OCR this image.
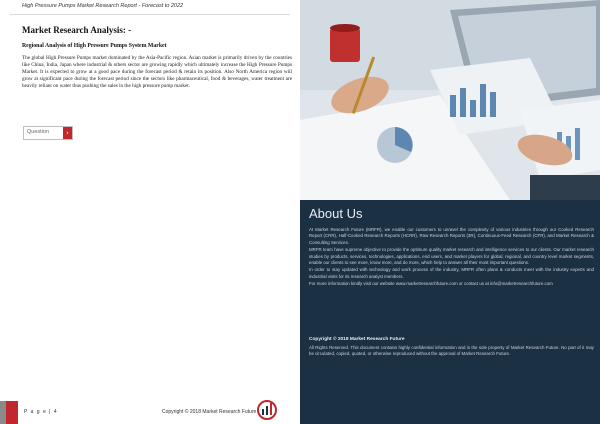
High Pressure Pumps Market Research Report - Forecast to 2022

Market Research Analysis: -

Regional Analysis of High Pressure Pumps System Market

The global High Pressure Pumps market dominated by the Asia-Pacific region. Asian market is primarily driven by the countries like China, India, Japan where industrial & others sector are growing rapidly which ultimately increase the High Pressure Pumps Market. It is expected to grow at a good pace during the forecast period & retain its position. Also North America region will grow at significant pace during the forecast period since the sectors like pharmaceutical, food & beverages, water treatment are heavily reliant on water thus pushing the sales in the high pressure pump market.

Question	›
About Us

At Market Research Future (MRFR), we enable our customers to unravel the complexity of various industries through our Cooked Research Report (CRR), Half-Cooked Research Reports (HCRR), Raw Research Reports (3R), Continuous-Feed Research (CFR), and Market Research & Consulting Services.

MRFR team have supreme objective to provide the optimum quality market research and intelligence services to our clients. Our market research studies by products, services, technologies, applications, end users, and market players for global, regional, and country level market segments, enable our clients to see more, know more, and do more, which help to answer all their most important questions.

In order to stay updated with technology and work process of the industry, MRFR often plans & conducts meet with the industry experts and industrial visits for its research analyst members.

For more information kindly visit our website www.marketresearchfuture.com or contact us at info@marketresearchfuture.com

Copyright © 2018 Market Research Future
All Rights Reserved. This document contains highly confidential information and is the sole property of Market Research Future. No part of it may be circulated, copied, quoted, or otherwise reproduced without the approval of Market Research Future.
P a g e | 4	Copyright © 2018 Market Research Future
